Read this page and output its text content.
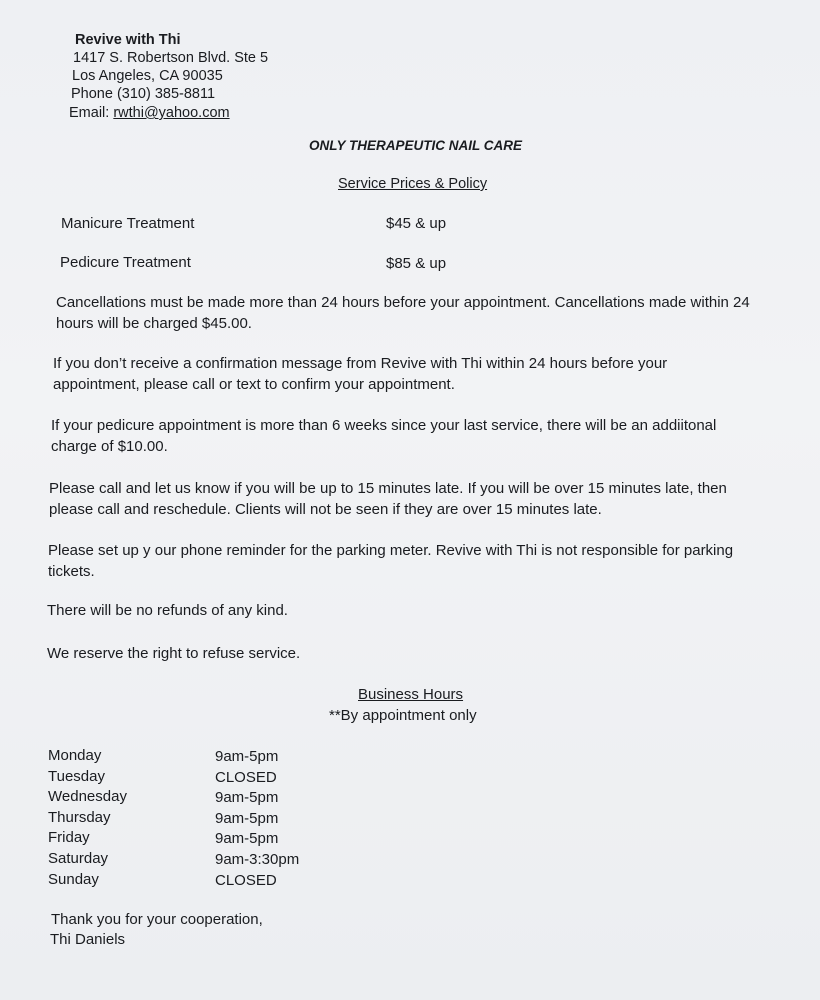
Revive with Thi
1417 S. Robertson Blvd. Ste 5
Los Angeles, CA 90035
Phone (310) 385-8811
Email: rwthi@yahoo.com
ONLY THERAPEUTIC NAIL CARE
Service Prices & Policy
Manicure Treatment	$45 & up
Pedicure Treatment	$85 & up
Cancellations must be made more than 24 hours before your appointment. Cancellations made within 24 hours will be charged $45.00.
If you don’t receive a confirmation message from Revive with Thi within 24 hours before your appointment, please call or text to confirm your appointment.
If your pedicure appointment is more than 6 weeks since your last service, there will be an addiitonal charge of $10.00.
Please call and let us know if you will be up to 15 minutes late. If you will be over 15 minutes late, then please call and reschedule. Clients will not be seen if they are over 15 minutes late.
Please set up y our phone reminder for the parking meter. Revive with Thi is not responsible for parking tickets.
There will be no refunds of any kind.
We reserve the right to refuse service.
Business Hours
**By appointment only
Monday
Tuesday
Wednesday
Thursday
Friday
Saturday
Sunday
9am-5pm
CLOSED
9am-5pm
9am-5pm
9am-5pm
9am-3:30pm
CLOSED
Thank you for your cooperation,
Thi Daniels
